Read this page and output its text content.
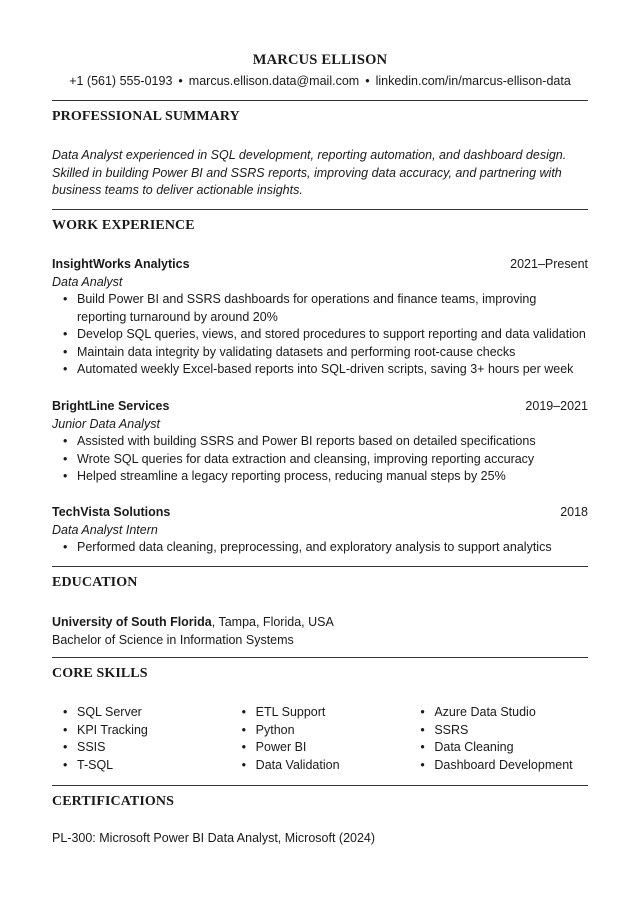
MARCUS ELLISON
+1 (561) 555-0193 • marcus.ellison.data@mail.com • linkedin.com/in/marcus-ellison-data
PROFESSIONAL SUMMARY
Data Analyst experienced in SQL development, reporting automation, and dashboard design. Skilled in building Power BI and SSRS reports, improving data accuracy, and partnering with business teams to deliver actionable insights.
WORK EXPERIENCE
InsightWorks Analytics	2021–Present
Data Analyst
• Build Power BI and SSRS dashboards for operations and finance teams, improving reporting turnaround by around 20%
• Develop SQL queries, views, and stored procedures to support reporting and data validation
• Maintain data integrity by validating datasets and performing root-cause checks
• Automated weekly Excel-based reports into SQL-driven scripts, saving 3+ hours per week
BrightLine Services	2019–2021
Junior Data Analyst
• Assisted with building SSRS and Power BI reports based on detailed specifications
• Wrote SQL queries for data extraction and cleansing, improving reporting accuracy
• Helped streamline a legacy reporting process, reducing manual steps by 25%
TechVista Solutions	2018
Data Analyst Intern
• Performed data cleaning, preprocessing, and exploratory analysis to support analytics
EDUCATION
University of South Florida, Tampa, Florida, USA
Bachelor of Science in Information Systems
CORE SKILLS
• SQL Server
• KPI Tracking
• SSIS
• T-SQL
• ETL Support
• Python
• Power BI
• Data Validation
• Azure Data Studio
• SSRS
• Data Cleaning
• Dashboard Development
CERTIFICATIONS
PL-300: Microsoft Power BI Data Analyst, Microsoft (2024)
